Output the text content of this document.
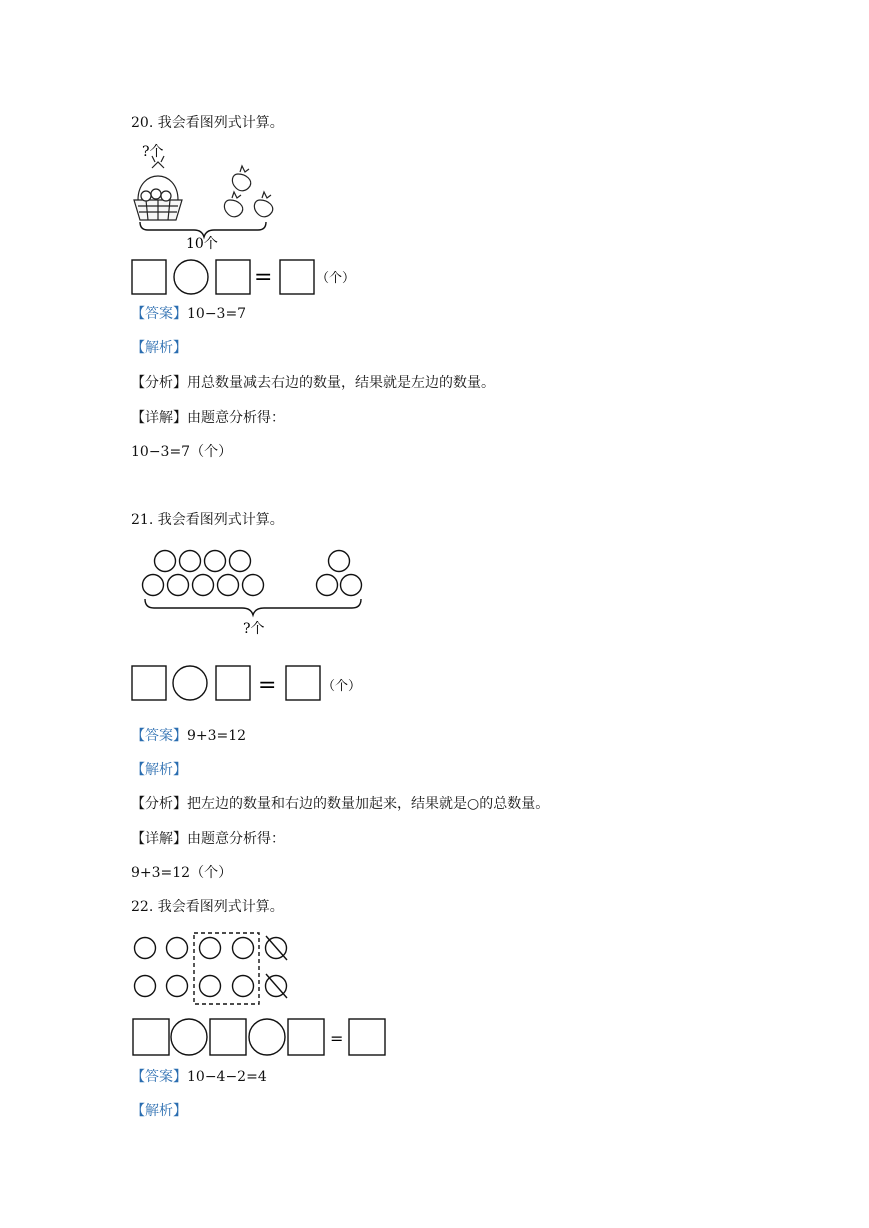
20. 我会看图列式计算。
?个
10个
=	（个）
【答案】10−3=7
【解析】
【分析】用总数量减去右边的数量，结果就是左边的数量。
【详解】由题意分析得：
10−3=7（个）
21. 我会看图列式计算。
?个
=	（个）
【答案】9+3=12
【解析】
【分析】把左边的数量和右边的数量加起来，结果就是○的总数量。
【详解】由题意分析得：
9+3=12（个）
22. 我会看图列式计算。
=
【答案】10−4−2=4
【解析】
